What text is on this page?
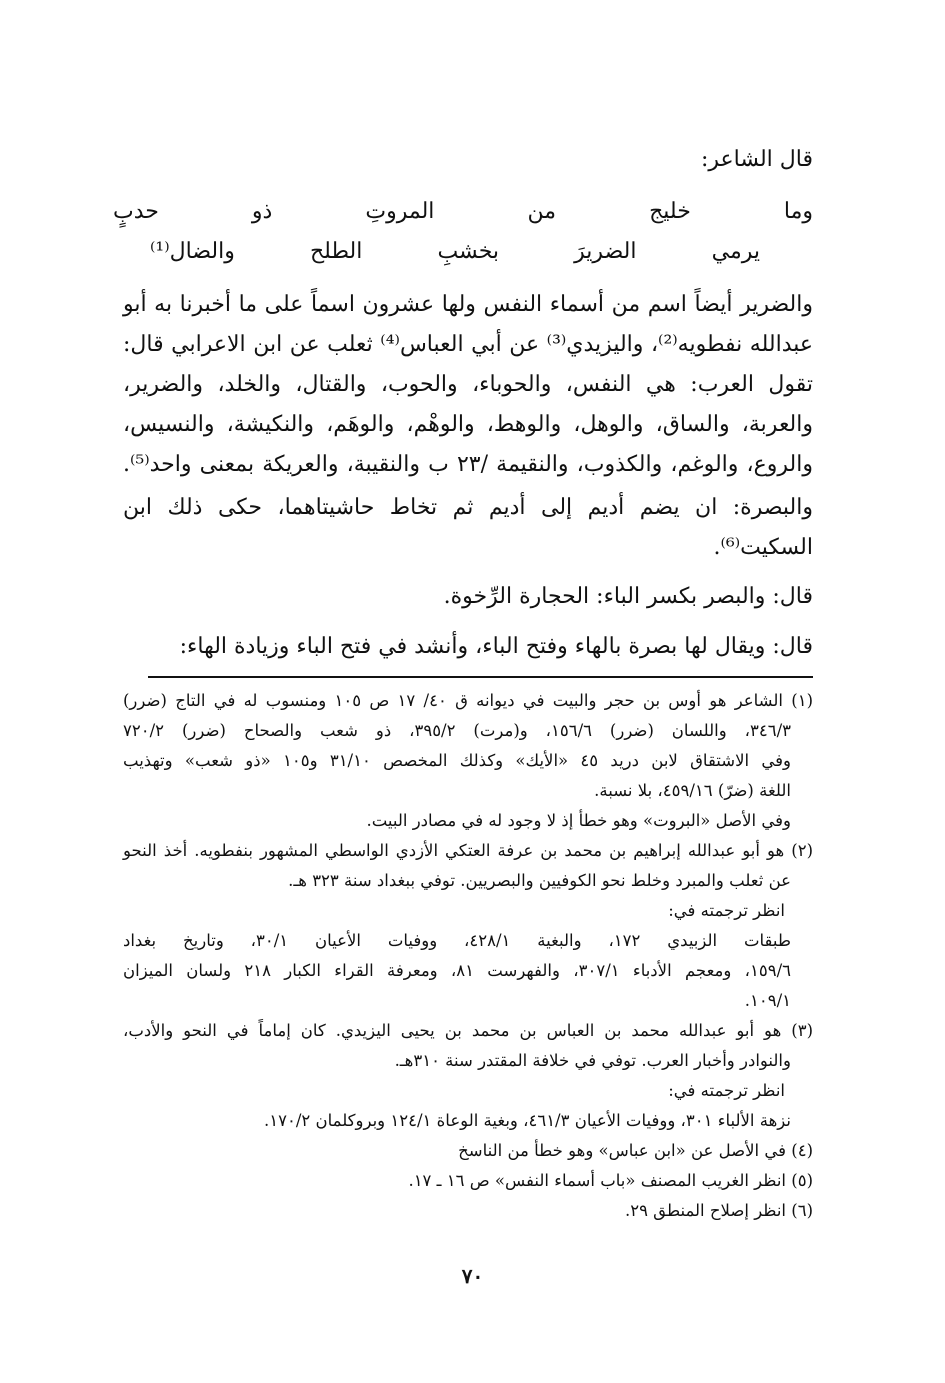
قال الشاعر:
وما خليج من المروتِ ذو حدبٍ
يرمي الضريرَ بخشبِ الطلح والضال⁽¹⁾
والضرير أيضاً اسم من أسماء النفس ولها عشرون اسماً على ما أخبرنا به أبو
عبدالله نفطويه⁽²⁾، واليزيدي⁽³⁾ عن أبي العباس⁽⁴⁾ ثعلب عن ابن الاعرابي قال:
تقول العرب: هي النفس، والحوباء، والحوب، والقتال، والخلد، والضرير،
والعربة، والساق، والوهل، والوهط، والوهْم، والوهَم، والنكيشة، والنسيس،
والروع، والوغم، والكذوب، والنقيمة /٢٣ ب والنقيبة، والعريكة بمعنى واحد⁽⁵⁾.
والبصرة: ان يضم أديم إلى أديم ثم تخاط حاشيتاهما، حكى ذلك ابن
السكيت⁽⁶⁾.
قال: والبصر بكسر الباء: الحجارة الرِّخوة.
قال: ويقال لها بصرة بالهاء وفتح الباء، وأنشد في فتح الباء وزيادة الهاء:
(١) الشاعر هو أوس بن حجر والبيت في ديوانه ق ٤٠/ ١٧ ص ١٠٥ ومنسوب له في التاج (ضرر)
٣٤٦/٣، واللسان (ضرر) ١٥٦/٦، و(مرت) ٣٩٥/٢، ذو شعب والصحاح (ضرر) ٧٢٠/٢
وفي الاشتقاق لابن دريد ٤٥ «الأيك» وكذلك المخصص ٣١/١٠ و١٠٥ «ذو شعب» وتهذيب
اللغة (ضرّ) ٤٥٩/١٦، بلا نسبة.
وفي الأصل «البروت» وهو خطأ إذ لا وجود له في مصادر البيت.
(٢) هو أبو عبدالله إبراهيم بن محمد بن عرفة العتكي الأزدي الواسطي المشهور بنفطويه. أخذ النحو
عن ثعلب والمبرد وخلط نحو الكوفيين والبصريين. توفي ببغداد سنة ٣٢٣ هـ.
انظر ترجمته في:
طبقات الزبيدي ١٧٢، والبغية ٤٢٨/١، ووفيات الأعيان ٣٠/١، وتاريخ بغداد
١٥٩/٦، ومعجم الأدباء ٣٠٧/١، والفهرست ٨١، ومعرفة القراء الكبار ٢١٨ ولسان الميزان
١٠٩/١.
(٣) هو أبو عبدالله محمد بن العباس بن محمد بن يحيى اليزيدي. كان إماماً في النحو والأدب،
والنوادر وأخبار العرب. توفي في خلافة المقتدر سنة ٣١٠هـ.
انظر ترجمته في:
نزهة الألباء ٣٠١، ووفيات الأعيان ٤٦١/٣، وبغية الوعاة ١٢٤/١ وبروكلمان ١٧٠/٢.
(٤) في الأصل عن «ابن عباس» وهو خطأ من الناسخ
(٥) انظر الغريب المصنف «باب أسماء النفس» ص ١٦ ـ ١٧.
(٦) انظر إصلاح المنطق ٢٩.
٧٠
